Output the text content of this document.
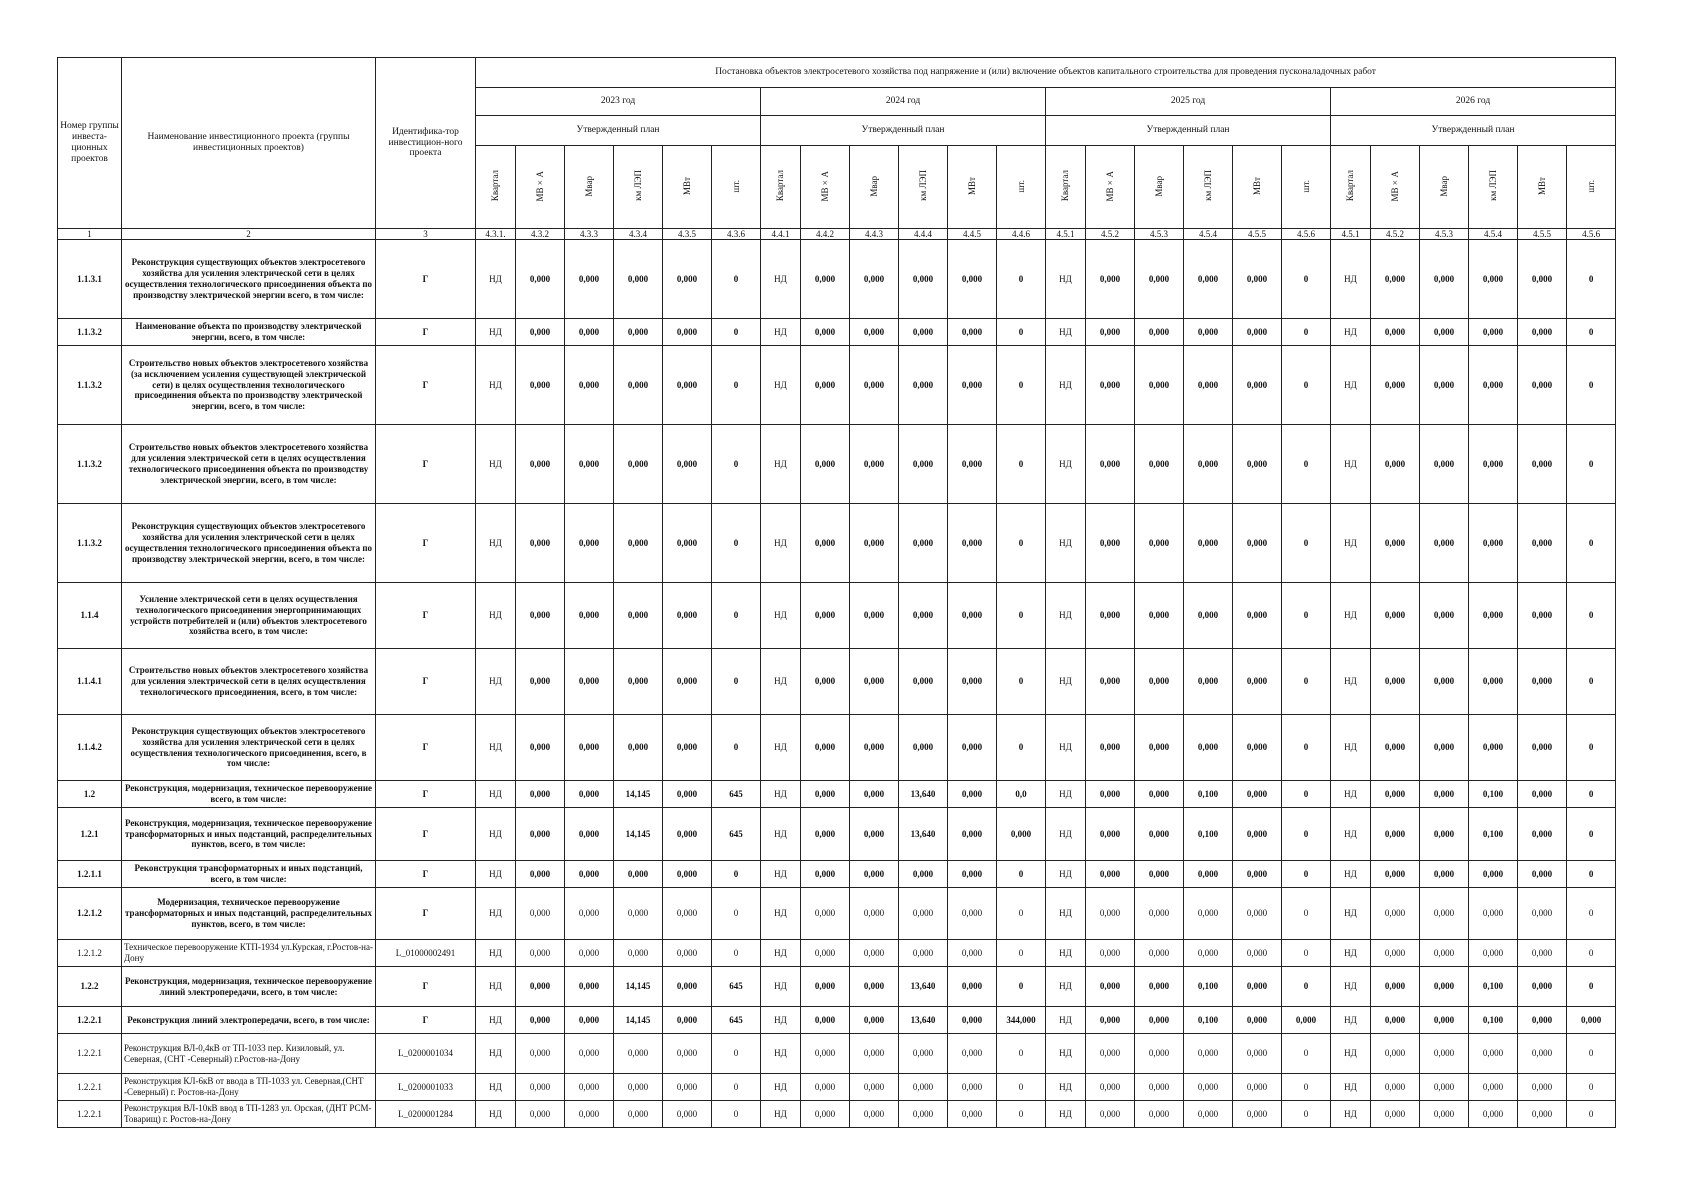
Номер группы инвеста-ционных проектов	Наименование инвестиционного проекта (группы инвестиционных проектов)	Идентифика-тор инвестицион-ного проекта	Постановка объектов электросетевого хозяйства под напряжение и (или) включение объектов капитального строительства для проведения пусконаладочных работ																							
			2023 год						2024 год						2025 год						2026 год					
			Утвержденный план						Утвержденный план						Утвержденный план						Утвержденный план					
			Квартал	МВ×А	Мвар	км ЛЭП	МВт	шт.	Квартал	МВ×А	Мвар	км ЛЭП	МВт	шт.	Квартал	МВ×А	Мвар	км ЛЭП	МВт	шт.	Квартал	МВ×А	Мвар	км ЛЭП	МВт	шт.
1	2	3	4.3.1.	4.3.2	4.3.3	4.3.4	4.3.5	4.3.6	4.4.1	4.4.2	4.4.3	4.4.4	4.4.5	4.4.6	4.5.1	4.5.2	4.5.3	4.5.4	4.5.5	4.5.6	4.5.1	4.5.2	4.5.3	4.5.4	4.5.5	4.5.6
1.1.3.1	Реконструкция существующих объектов электросетевого хозяйства для усиления электрической сети в целях осуществления технологического присоединения объекта по производству электрической энергии всего, в том числе:	Г	НД	0,000	0,000	0,000	0,000	0	НД	0,000	0,000	0,000	0,000	0	НД	0,000	0,000	0,000	0,000	0	НД	0,000	0,000	0,000	0,000	0
1.1.3.2	Наименование объекта по производству электрической энергии, всего, в том числе:	Г	НД	0,000	0,000	0,000	0,000	0	НД	0,000	0,000	0,000	0,000	0	НД	0,000	0,000	0,000	0,000	0	НД	0,000	0,000	0,000	0,000	0
1.1.3.2	Строительство новых объектов электросетевого хозяйства (за исключением усиления существующей электрической сети) в целях осуществления технологического присоединения объекта по производству электрической энергии, всего, в том числе:	Г	НД	0,000	0,000	0,000	0,000	0	НД	0,000	0,000	0,000	0,000	0	НД	0,000	0,000	0,000	0,000	0	НД	0,000	0,000	0,000	0,000	0
1.1.3.2	Строительство новых объектов электросетевого хозяйства для усиления электрической сети в целях осуществления технологического присоединения объекта по производству электрической энергии, всего, в том числе:	Г	НД	0,000	0,000	0,000	0,000	0	НД	0,000	0,000	0,000	0,000	0	НД	0,000	0,000	0,000	0,000	0	НД	0,000	0,000	0,000	0,000	0
1.1.3.2	Реконструкция существующих объектов электросетевого хозяйства для усиления электрической сети в целях осуществления технологического присоединения объекта по производству электрической энергии, всего, в том числе:	Г	НД	0,000	0,000	0,000	0,000	0	НД	0,000	0,000	0,000	0,000	0	НД	0,000	0,000	0,000	0,000	0	НД	0,000	0,000	0,000	0,000	0
1.1.4	Усиление электрической сети в целях осуществления технологического присоединения энергопринимающих устройств потребителей и (или) объектов электросетевого хозяйства всего, в том числе:	Г	НД	0,000	0,000	0,000	0,000	0	НД	0,000	0,000	0,000	0,000	0	НД	0,000	0,000	0,000	0,000	0	НД	0,000	0,000	0,000	0,000	0
1.1.4.1	Строительство новых объектов электросетевого хозяйства для усиления электрической сети в целях осуществления технологического присоединения, всего, в том числе:	Г	НД	0,000	0,000	0,000	0,000	0	НД	0,000	0,000	0,000	0,000	0	НД	0,000	0,000	0,000	0,000	0	НД	0,000	0,000	0,000	0,000	0
1.1.4.2	Реконструкция существующих объектов электросетевого хозяйства для усиления электрической сети в целях осуществления технологического присоединения, всего, в том числе:	Г	НД	0,000	0,000	0,000	0,000	0	НД	0,000	0,000	0,000	0,000	0	НД	0,000	0,000	0,000	0,000	0	НД	0,000	0,000	0,000	0,000	0
1.2	Реконструкция, модернизация, техническое перевооружение всего, в том числе:	Г	НД	0,000	0,000	14,145	0,000	645	НД	0,000	0,000	13,640	0,000	0,0	НД	0,000	0,000	0,100	0,000	0	НД	0,000	0,000	0,100	0,000	0
1.2.1	Реконструкция, модернизация, техническое перевооружение трансформаторных и иных подстанций, распределительных пунктов, всего, в том числе:	Г	НД	0,000	0,000	14,145	0,000	645	НД	0,000	0,000	13,640	0,000	0,000	НД	0,000	0,000	0,100	0,000	0	НД	0,000	0,000	0,100	0,000	0
1.2.1.1	Реконструкция трансформаторных и иных подстанций, всего, в том числе:	Г	НД	0,000	0,000	0,000	0,000	0	НД	0,000	0,000	0,000	0,000	0	НД	0,000	0,000	0,000	0,000	0	НД	0,000	0,000	0,000	0,000	0
1.2.1.2	Модернизация, техническое перевооружение трансформаторных и иных подстанций, распределительных пунктов, всего, в том числе:	Г	НД	0,000	0,000	0,000	0,000	0	НД	0,000	0,000	0,000	0,000	0	НД	0,000	0,000	0,000	0,000	0	НД	0,000	0,000	0,000	0,000	0
1.2.1.2	Техническое перевооружение КТП-1934 ул.Курская, г.Ростов-на-Дону	L_01000002491	НД	0,000	0,000	0,000	0,000	0	НД	0,000	0,000	0,000	0,000	0	НД	0,000	0,000	0,000	0,000	0	НД	0,000	0,000	0,000	0,000	0
1.2.2	Реконструкция, модернизация, техническое перевооружение линий электропередачи, всего, в том числе:	Г	НД	0,000	0,000	14,145	0,000	645	НД	0,000	0,000	13,640	0,000	0	НД	0,000	0,000	0,100	0,000	0	НД	0,000	0,000	0,100	0,000	0
1.2.2.1	Реконструкция линий электропередачи, всего, в том числе:	Г	НД	0,000	0,000	14,145	0,000	645	НД	0,000	0,000	13,640	0,000	344,000	НД	0,000	0,000	0,100	0,000	0,000	НД	0,000	0,000	0,100	0,000	0,000
1.2.2.1	Реконструкция ВЛ-0,4кВ от ТП-1033 пер. Кизиловый, ул. Северная, (СНТ -Северный) г.Ростов-на-Дону	L_0200001034	НД	0,000	0,000	0,000	0,000	0	НД	0,000	0,000	0,000	0,000	0	НД	0,000	0,000	0,000	0,000	0	НД	0,000	0,000	0,000	0,000	0
1.2.2.1	Реконструкция КЛ-6кВ от ввода в ТП-1033 ул. Северная,(СНТ -Северный) г. Ростов-на-Дону	L_0200001033	НД	0,000	0,000	0,000	0,000	0	НД	0,000	0,000	0,000	0,000	0	НД	0,000	0,000	0,000	0,000	0	НД	0,000	0,000	0,000	0,000	0
1.2.2.1	Реконструкция ВЛ-10кВ ввод в ТП-1283 ул. Орская, (ДНТ РСМ-Товарищ) г. Ростов-на-Дону	L_0200001284	НД	0,000	0,000	0,000	0,000	0	НД	0,000	0,000	0,000	0,000	0	НД	0,000	0,000	0,000	0,000	0	НД	0,000	0,000	0,000	0,000	0
